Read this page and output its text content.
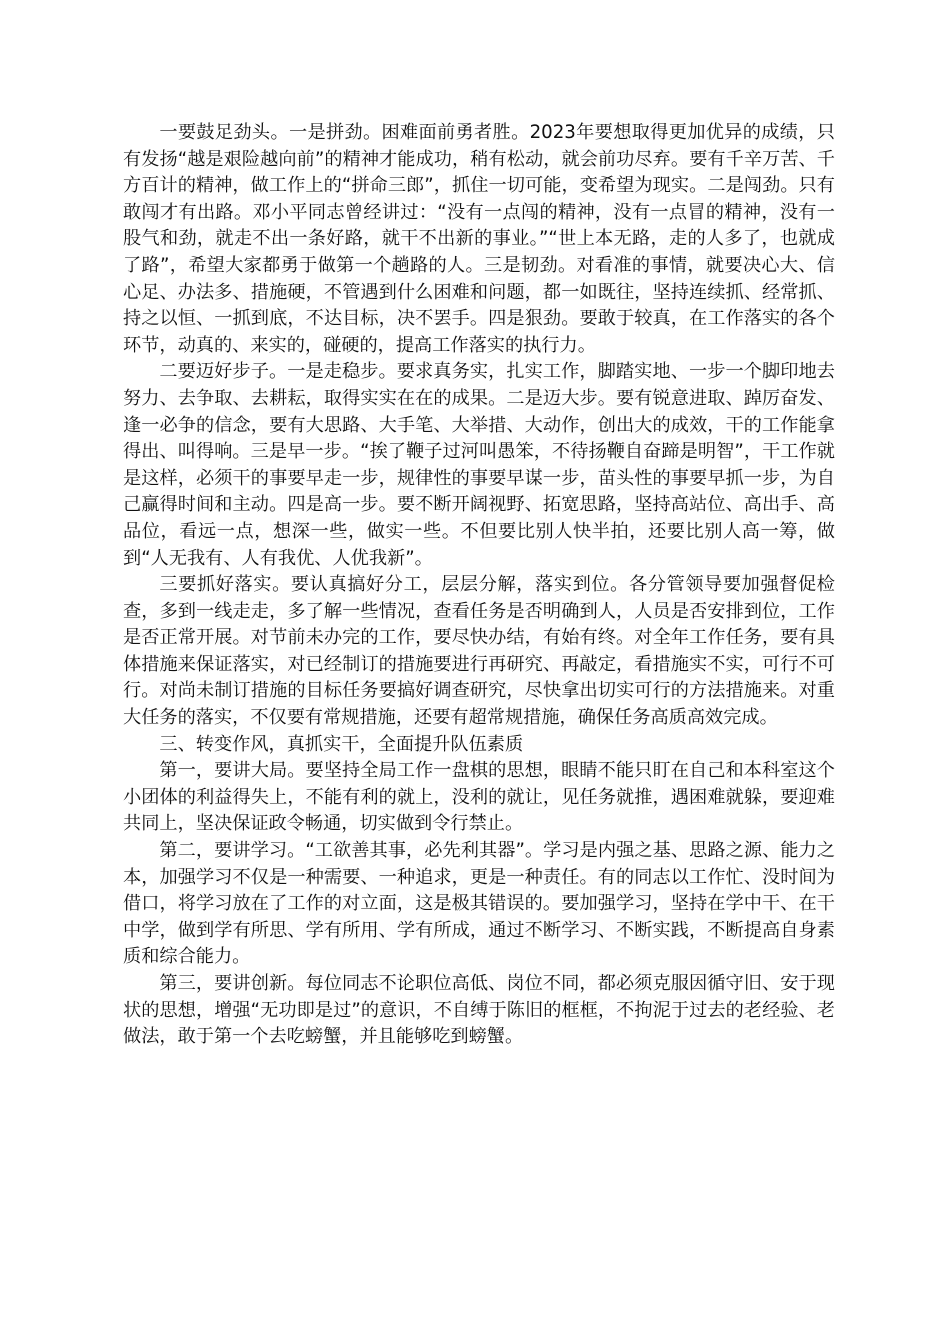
一要鼓足劲头。一是拼劲。困难面前勇者胜。2023年要想取得更加优异的成绩，只有发扬“越是艰险越向前”的精神才能成功，稍有松动，就会前功尽弃。要有千辛万苦、千方百计的精神，做工作上的“拼命三郎”，抓住一切可能，变希望为现实。二是闯劲。只有敢闯才有出路。邓小平同志曾经讲过：“没有一点闯的精神，没有一点冒的精神，没有一股气和劲，就走不出一条好路，就干不出新的事业。”“世上本无路，走的人多了，也就成了路”，希望大家都勇于做第一个趟路的人。三是韧劲。对看准的事情，就要决心大、信心足、办法多、措施硬，不管遇到什么困难和问题，都一如既往，坚持连续抓、经常抓、持之以恒、一抓到底，不达目标，决不罢手。四是狠劲。要敢于较真，在工作落实的各个环节，动真的、来实的，碰硬的，提高工作落实的执行力。

二要迈好步子。一是走稳步。要求真务实，扎实工作，脚踏实地、一步一个脚印地去努力、去争取、去耕耘，取得实实在在的成果。二是迈大步。要有锐意进取、踔厉奋发、逢一必争的信念，要有大思路、大手笔、大举措、大动作，创出大的成效，干的工作能拿得出、叫得响。三是早一步。“挨了鞭子过河叫愚笨，不待扬鞭自奋蹄是明智”，干工作就是这样，必须干的事要早走一步，规律性的事要早谋一步，苗头性的事要早抓一步，为自己赢得时间和主动。四是高一步。要不断开阔视野、拓宽思路，坚持高站位、高出手、高品位，看远一点，想深一些，做实一些。不但要比别人快半拍，还要比别人高一筹，做到“人无我有、人有我优、人优我新”。

三要抓好落实。要认真搞好分工，层层分解，落实到位。各分管领导要加强督促检查，多到一线走走，多了解一些情况，查看任务是否明确到人，人员是否安排到位，工作是否正常开展。对节前未办完的工作，要尽快办结，有始有终。对全年工作任务，要有具体措施来保证落实，对已经制订的措施要进行再研究、再敲定，看措施实不实，可行不可行。对尚未制订措施的目标任务要搞好调查研究，尽快拿出切实可行的方法措施来。对重大任务的落实，不仅要有常规措施，还要有超常规措施，确保任务高质高效完成。

三、转变作风，真抓实干，全面提升队伍素质

第一，要讲大局。要坚持全局工作一盘棋的思想，眼睛不能只盯在自己和本科室这个小团体的利益得失上，不能有利的就上，没利的就让，见任务就推，遇困难就躲，要迎难共同上，坚决保证政令畅通，切实做到令行禁止。

第二，要讲学习。“工欲善其事，必先利其器”。学习是内强之基、思路之源、能力之本，加强学习不仅是一种需要、一种追求，更是一种责任。有的同志以工作忙、没时间为借口，将学习放在了工作的对立面，这是极其错误的。要加强学习，坚持在学中干、在干中学，做到学有所思、学有所用、学有所成，通过不断学习、不断实践，不断提高自身素质和综合能力。

第三，要讲创新。每位同志不论职位高低、岗位不同，都必须克服因循守旧、安于现状的思想，增强“无功即是过”的意识，不自缚于陈旧的框框，不拘泥于过去的老经验、老做法，敢于第一个去吃螃蟹，并且能够吃到螃蟹。
